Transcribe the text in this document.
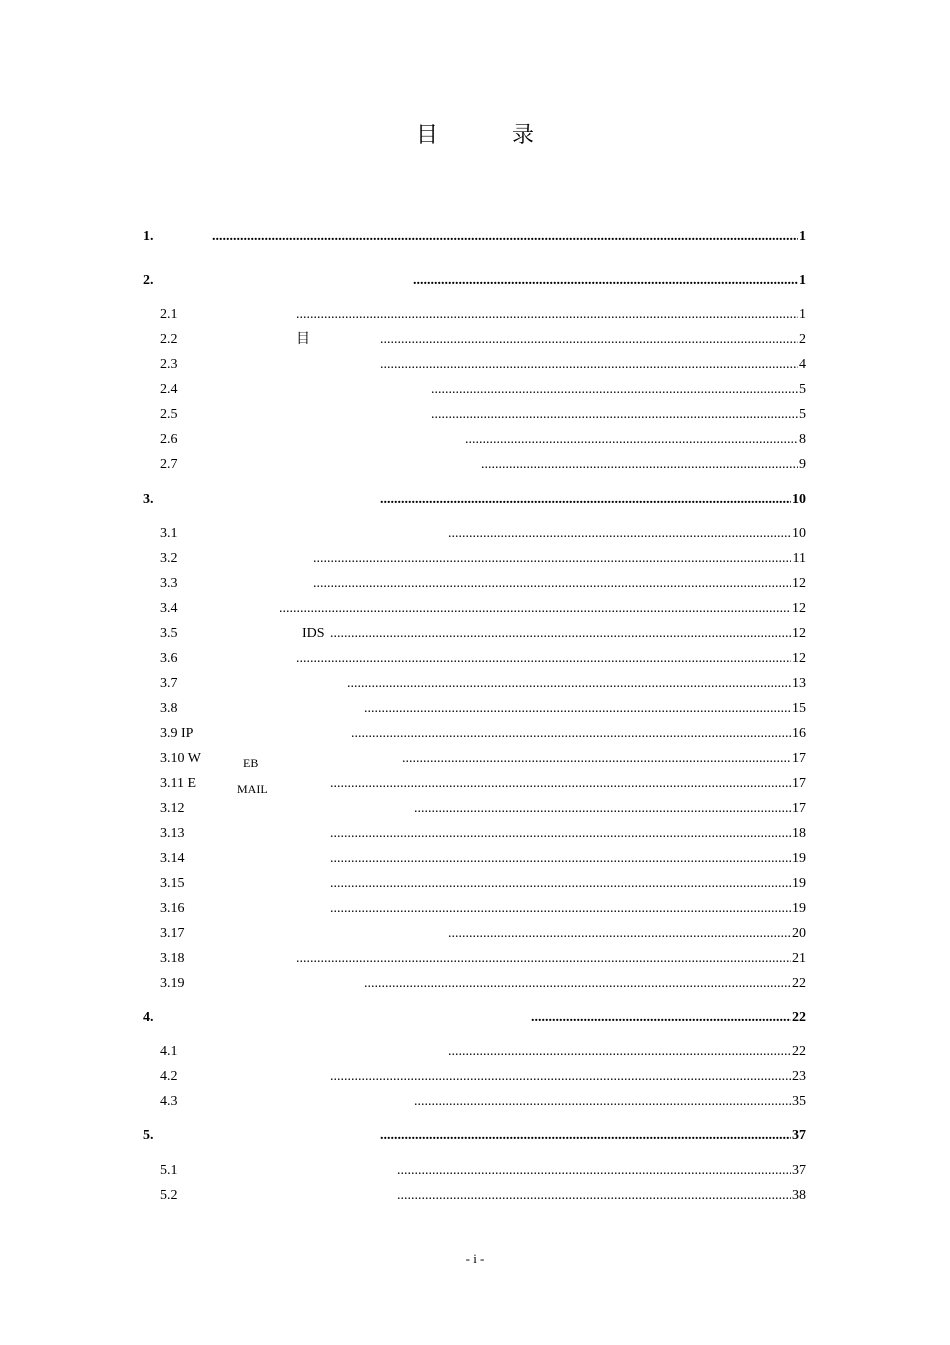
目　录
1.	1
.....
2.	1
.....
2.1	1
.....
2.2	目	2
.....
2.3	4
.....
2.4	5
.....
2.5	5
.....
2.6	8
.....
2.7	9
.....
3.	10
.....
3.1	10
.....
3.2	11
.....
3.3	12
.....
3.4	12
.....
3.5	IDS	12
.....
3.6	12
.....
3.7	13
.....
3.8	15
.....
3.9 IP	16
.....
3.10 W	EB	17
.....
3.11 E	MAIL	17
.....
3.12	17
.....
3.13	18
.....
3.14	19
.....
3.15	19
.....
3.16	19
.....
3.17	20
.....
3.18	21
.....
3.19	22
.....
4.	22
.....
4.1	22
.....
4.2	23
.....
4.3	35
.....
5.	37
.....
5.1	37
.....
5.2	38
.....
- i -
